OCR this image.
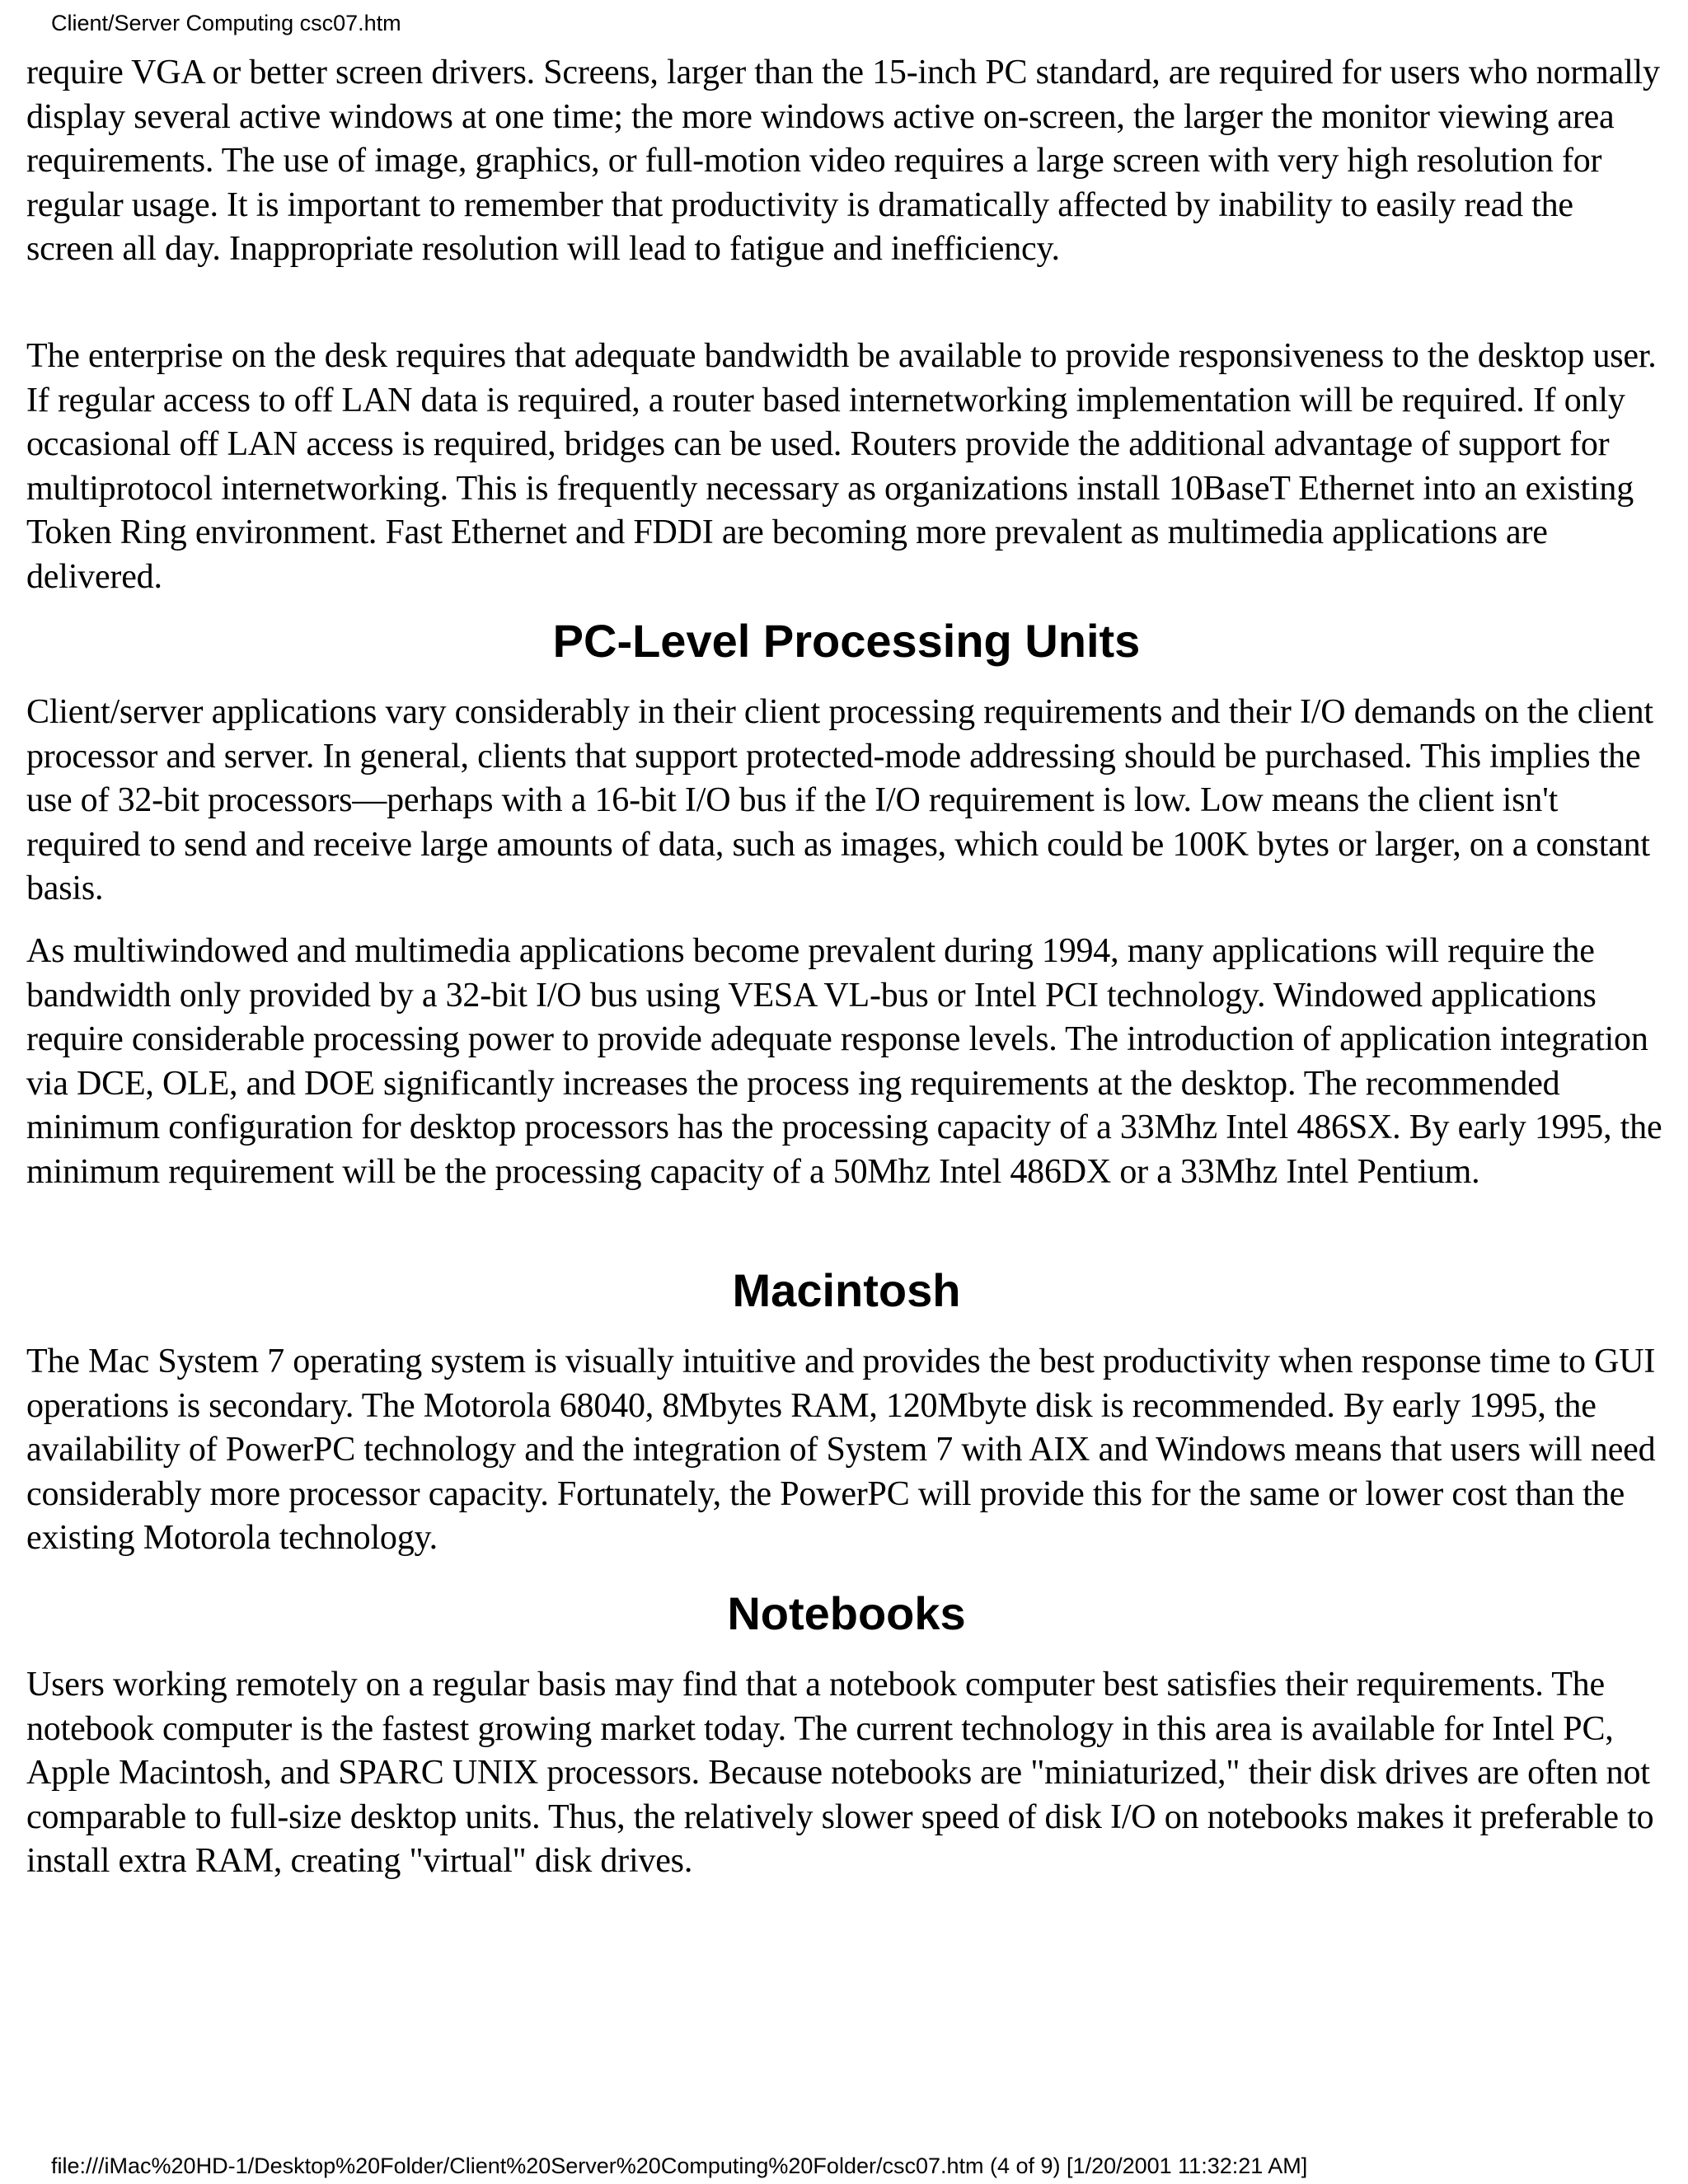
Client/Server Computing csc07.htm

require VGA or better screen drivers. Screens, larger than the 15-inch PC standard, are required for users who normally display several active windows at one time; the more windows active on-screen, the larger the monitor viewing area requirements. The use of image, graphics, or full-motion video requires a large screen with very high resolution for regular usage. It is important to remember that productivity is dramatically affected by inability to easily read the screen all day. Inappropriate resolution will lead to fatigue and inefficiency.

The enterprise on the desk requires that adequate bandwidth be available to provide responsiveness to the desktop user. If regular access to off LAN data is required, a router based internetworking implementation will be required. If only occasional off LAN access is required, bridges can be used. Routers provide the additional advantage of support for multiprotocol internetworking. This is frequently necessary as organizations install 10BaseT Ethernet into an existing Token Ring environment. Fast Ethernet and FDDI are becoming more prevalent as multimedia applications are delivered.

PC-Level Processing Units

Client/server applications vary considerably in their client processing requirements and their I/O demands on the client processor and server. In general, clients that support protected-mode addressing should be purchased. This implies the use of 32-bit processors—perhaps with a 16-bit I/O bus if the I/O requirement is low. Low means the client isn't required to send and receive large amounts of data, such as images, which could be 100K bytes or larger, on a constant basis.

As multiwindowed and multimedia applications become prevalent during 1994, many applications will require the bandwidth only provided by a 32-bit I/O bus using VESA VL-bus or Intel PCI technology. Windowed applications require considerable processing power to provide adequate response levels. The introduction of application integration via DCE, OLE, and DOE significantly increases the process ing requirements at the desktop. The recommended minimum configuration for desktop processors has the processing capacity of a 33Mhz Intel 486SX. By early 1995, the minimum requirement will be the processing capacity of a 50Mhz Intel 486DX or a 33Mhz Intel Pentium.

Macintosh

The Mac System 7 operating system is visually intuitive and provides the best productivity when response time to GUI operations is secondary. The Motorola 68040, 8Mbytes RAM, 120Mbyte disk is recommended. By early 1995, the availability of PowerPC technology and the integration of System 7 with AIX and Windows means that users will need considerably more processor capacity. Fortunately, the PowerPC will provide this for the same or lower cost than the existing Motorola technology.

Notebooks

Users working remotely on a regular basis may find that a notebook computer best satisfies their requirements. The notebook computer is the fastest growing market today. The current technology in this area is available for Intel PC, Apple Macintosh, and SPARC UNIX processors. Because notebooks are "miniaturized," their disk drives are often not comparable to full-size desktop units. Thus, the relatively slower speed of disk I/O on notebooks makes it preferable to install extra RAM, creating "virtual" disk drives.

file:///iMac%20HD-1/Desktop%20Folder/Client%20Server%20Computing%20Folder/csc07.htm (4 of 9) [1/20/2001 11:32:21 AM]
